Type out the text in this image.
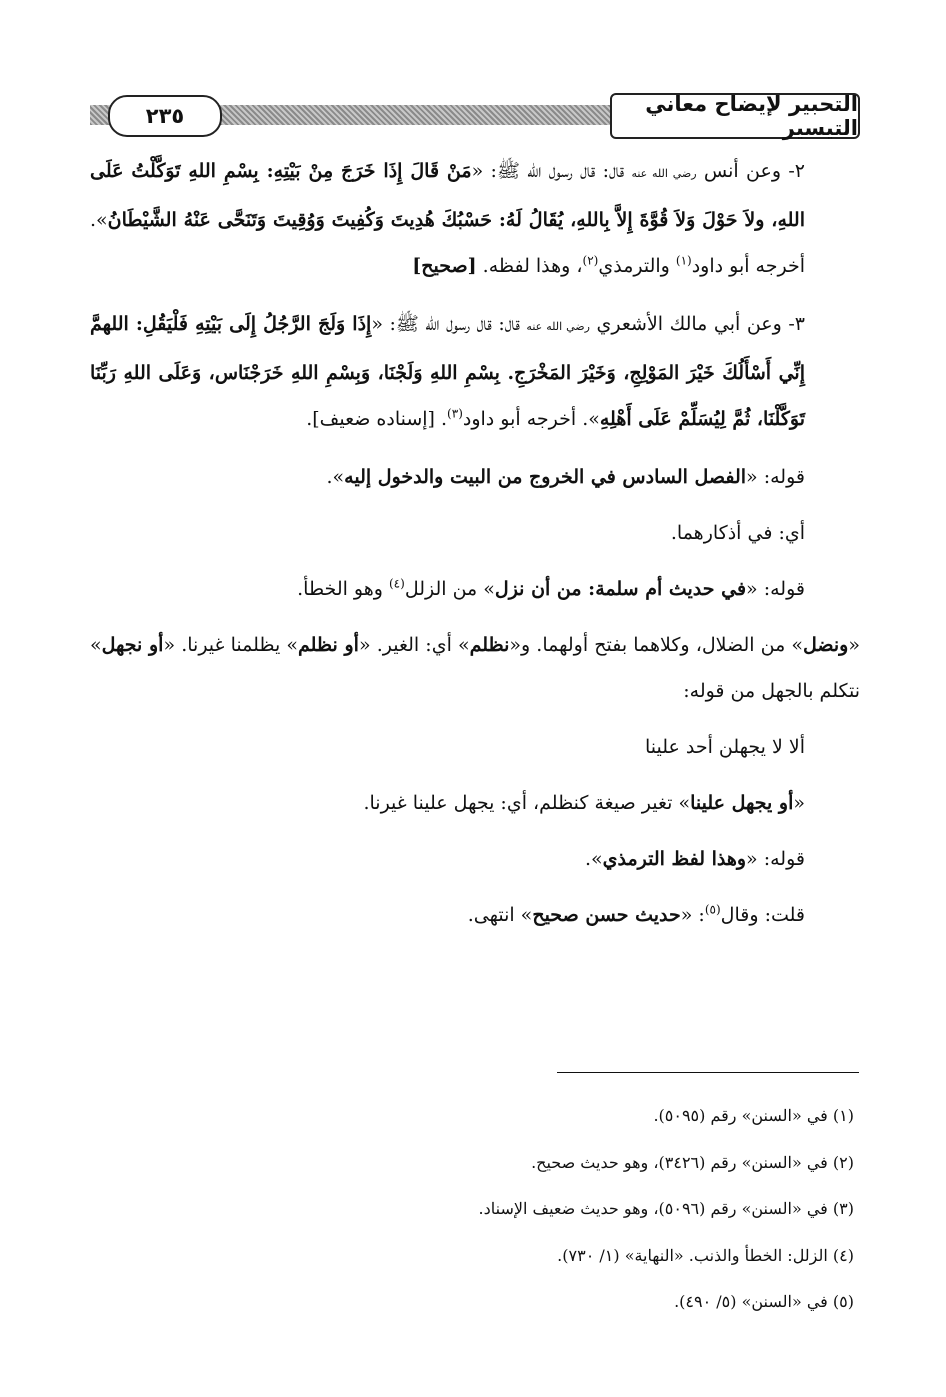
التحبير لإيضاح معاني التيسير
٢٣٥

٢- وعن أنس رضي الله عنه قال: قال رسول الله ﷺ: «مَنْ قَالَ إِذَا خَرَجَ مِنْ بَيْتِهِ: بِسْمِ اللهِ تَوَكَّلْتُ عَلَى اللهِ، ولاَ حَوْلَ وَلاَ قُوَّةَ إِلاَّ بِاللهِ، يُقَالُ لَهُ: حَسْبُكَ هُدِيتَ وَكُفِيتَ وَوُقِيتَ وَتَنَحَّى عَنْهُ الشَّيْطَانُ». أخرجه أبو داود$^{(١)}$ والترمذي$^{(٢)}$، وهذا لفظه. [صحيح]

٣- وعن أبي مالك الأشعري رضي الله عنه قال: قال رسول الله ﷺ: «إِذَا وَلَجَ الرَّجُلُ إِلَى بَيْتِهِ فَلْيَقُلِ: اللهمَّ إِنِّي أَسْأَلُكَ خَيْرَ المَوْلِجِ، وَخَيْرَ المَخْرَجِ. بِسْمِ اللهِ وَلَجْنَا، وَبِسْمِ اللهِ خَرَجْنَاس، وَعَلَى اللهِ رَبِّنَا تَوَكَّلْنَا، ثُمَّ لِيُسَلِّمْ عَلَى أَهْلِهِ». أخرجه أبو داود$^{(٣)}$. [إسناده ضعيف].

قوله: «الفصل السادس في الخروج من البيت والدخول إليه».

أي: في أذكارهما.

قوله: «في حديث أم سلمة: من أن نزل» من الزلل$^{(٤)}$ وهو الخطأ.

«ونضل» من الضلال، وكلاهما بفتح أولهما. و«نظلم» أي: الغير. «أو نظلم» يظلمنا غيرنا. «أو نجهل» نتكلم بالجهل من قوله:

ألا لا يجهلن أحد علينا

«أو يجهل علينا» تغير صيغة كنظلم، أي: يجهل علينا غيرنا.

قوله: «وهذا لفظ الترمذي».

قلت: وقال$^{(٥)}$: «حديث حسن صحيح» انتهى.

(١) في «السنن» رقم (٥٠٩٥).
(٢) في «السنن» رقم (٣٤٢٦)، وهو حديث صحيح.
(٣) في «السنن» رقم (٥٠٩٦)، وهو حديث ضعيف الإسناد.
(٤) الزلل: الخطأ والذنب. «النهاية» (١/ ٧٣٠).
(٥) في «السنن» (٥/ ٤٩٠).
